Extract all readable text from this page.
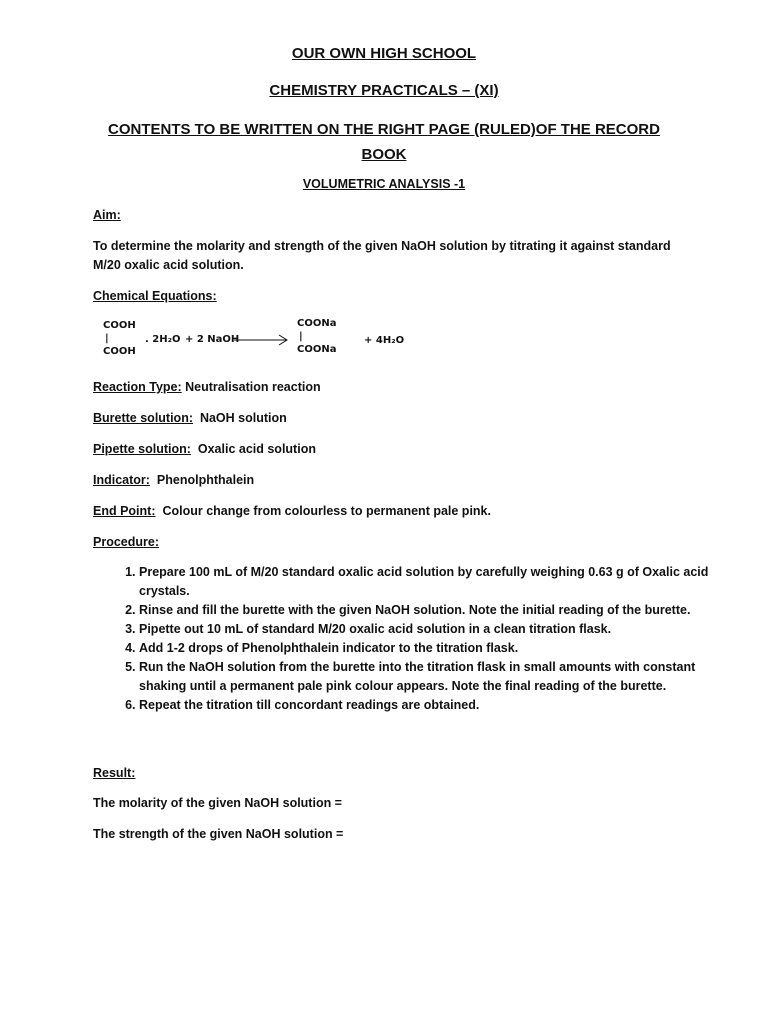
OUR OWN HIGH SCHOOL
CHEMISTRY PRACTICALS – (XI)
CONTENTS TO BE WRITTEN ON THE RIGHT PAGE (RULED)OF THE RECORD BOOK
VOLUMETRIC ANALYSIS -1
Aim:
To determine the molarity and strength of the given NaOH solution by titrating it against standard M/20 oxalic acid solution.
Chemical Equations:
COOH
|
COOH
. 2H₂O + 2 NaOH
COONa
|
COONa
+ 4H₂O
Reaction Type: Neutralisation reaction
Burette solution: NaOH solution
Pipette solution: Oxalic acid solution
Indicator: Phenolphthalein
End Point: Colour change from colourless to permanent pale pink.
Procedure:
1. Prepare 100 mL of M/20 standard oxalic acid solution by carefully weighing 0.63 g of Oxalic acid crystals.
2. Rinse and fill the burette with the given NaOH solution. Note the initial reading of the burette.
3. Pipette out 10 mL of standard M/20 oxalic acid solution in a clean titration flask.
4. Add 1-2 drops of Phenolphthalein indicator to the titration flask.
5. Run the NaOH solution from the burette into the titration flask in small amounts with constant shaking until a permanent pale pink colour appears. Note the final reading of the burette.
6. Repeat the titration till concordant readings are obtained.
Result:
The molarity of the given NaOH solution =
The strength of the given NaOH solution =
